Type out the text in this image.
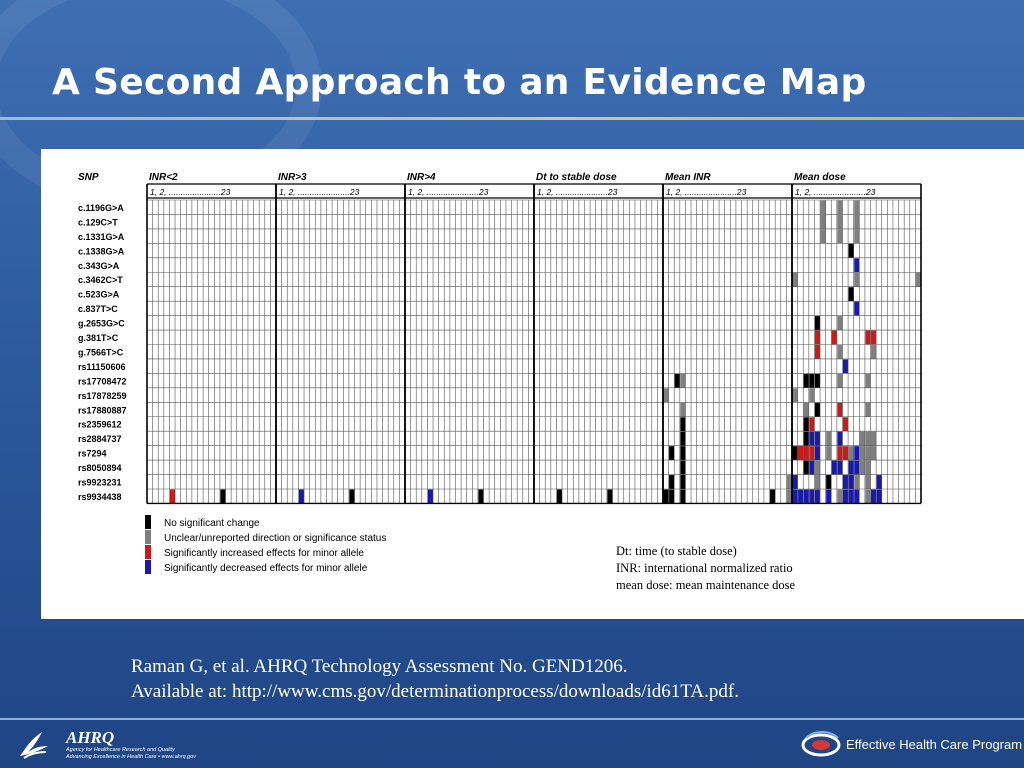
A Second Approach to an Evidence Map
SNP	INR<2
1, 2, ......................23
INR>3
1, 2, ......................23
INR>4
1, 2, ......................23
Dt to stable dose
1, 2, ......................23
Mean INR
1, 2, ......................23
Mean dose
1, 2, ......................23
c.1196G>A
c.129C>T
c.1331G>A
c.1338G>A
c.343G>A
c.3462C>T
c.523G>A
c.837T>C
g.2653G>C
g.381T>C
g.7566T>C
rs11150606
rs17708472
rs17878259
rs17880887
rs2359612
rs2884737
rs7294
rs8050894
rs9923231
rs9934438
No significant change
Unclear/unreported direction or significance status
Significantly increased effects for minor allele
Significantly decreased effects for minor allele
Dt: time (to stable dose)
INR: international normalized ratio
mean dose: mean maintenance dose
Raman G, et al. AHRQ Technology Assessment No. GEND1206.
Available at: http://www.cms.gov/determinationprocess/downloads/id61TA.pdf.
AHRQ
Agency for Healthcare Research and Quality
Advancing Excellence in Health Care • www.ahrq.gov
Effective Health Care Program
